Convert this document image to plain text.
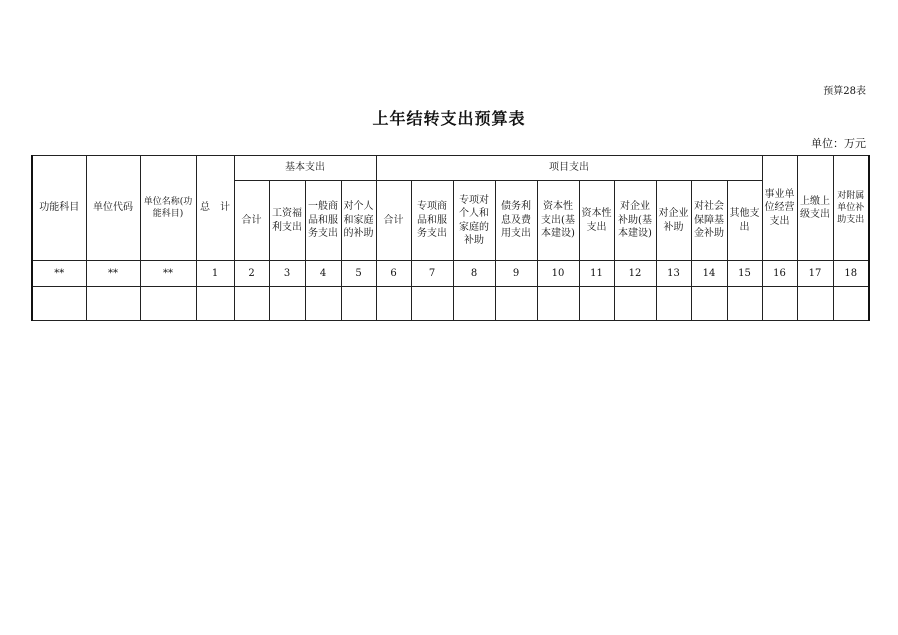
预算28表
上年结转支出预算表
单位：万元
功能科目	单位代码	单位名称(功能科目)	总　计	基本支出				项目支出										事业单位经营支出	上缴上级支出	对附属单位补助支出
				合计	工资福利支出	一般商品和服务支出	对个人和家庭的补助	合计	专项商品和服务支出	专项对个人和家庭的补助	债务利息及费用支出	资本性支出(基本建设)	资本性支出	对企业补助(基本建设)	对企业补助	对社会保障基金补助	其他支出			
**	**	**	1	2	3	4	5	6	7	8	9	10	11	12	13	14	15	16	17	18
